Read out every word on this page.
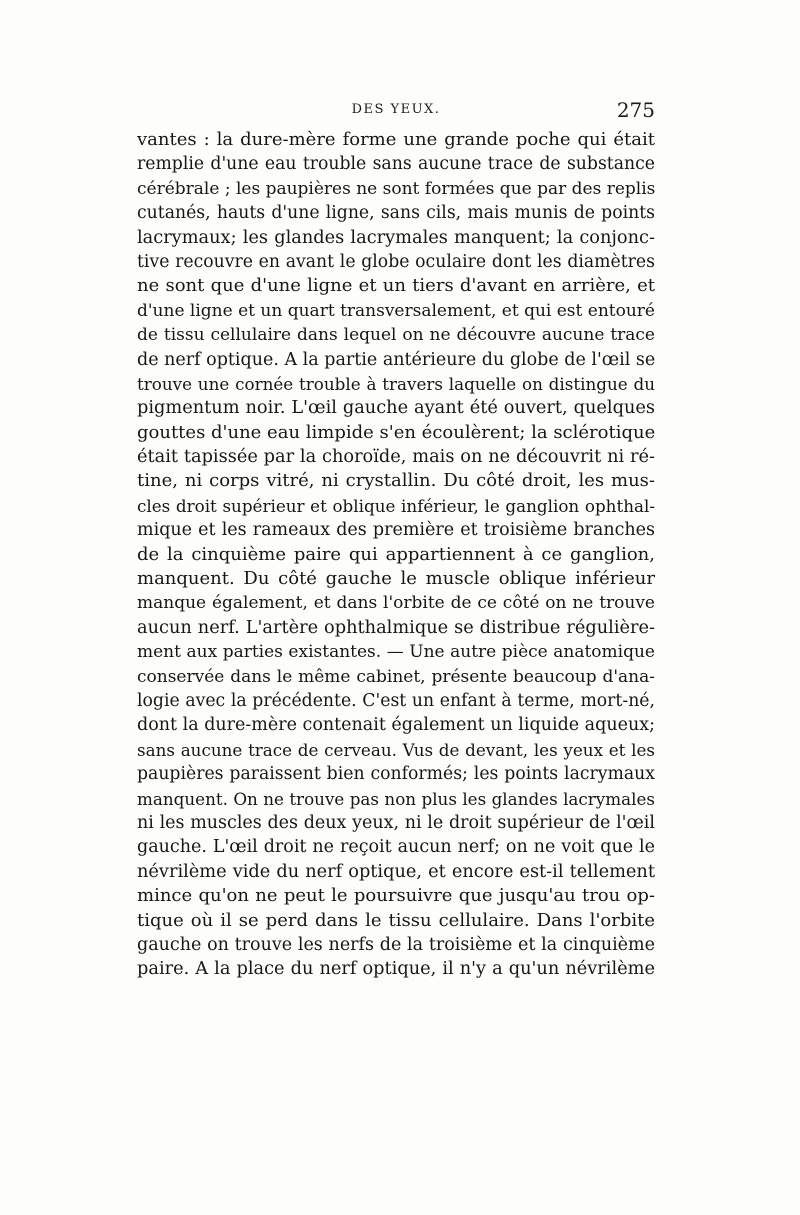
DES YEUX.	275
vantes : la dure-mère forme une grande poche qui était
remplie d'une eau trouble sans aucune trace de substance
cérébrale ; les paupières ne sont formées que par des replis
cutanés, hauts d'une ligne, sans cils, mais munis de points
lacrymaux; les glandes lacrymales manquent; la conjonc-
tive recouvre en avant le globe oculaire dont les diamètres
ne sont que d'une ligne et un tiers d'avant en arrière, et
d'une ligne et un quart transversalement, et qui est entouré
de tissu cellulaire dans lequel on ne découvre aucune trace
de nerf optique. A la partie antérieure du globe de l'œil se
trouve une cornée trouble à travers laquelle on distingue du
pigmentum noir. L'œil gauche ayant été ouvert, quelques
gouttes d'une eau limpide s'en écoulèrent; la sclérotique
était tapissée par la choroïde, mais on ne découvrit ni ré-
tine, ni corps vitré, ni crystallin. Du côté droit, les mus-
cles droit supérieur et oblique inférieur, le ganglion ophthal-
mique et les rameaux des première et troisième branches
de la cinquième paire qui appartiennent à ce ganglion,
manquent. Du côté gauche le muscle oblique inférieur
manque également, et dans l'orbite de ce côté on ne trouve
aucun nerf. L'artère ophthalmique se distribue régulière-
ment aux parties existantes. — Une autre pièce anatomique
conservée dans le même cabinet, présente beaucoup d'ana-
logie avec la précédente. C'est un enfant à terme, mort-né,
dont la dure-mère contenait également un liquide aqueux;
sans aucune trace de cerveau. Vus de devant, les yeux et les
paupières paraissent bien conformés; les points lacrymaux
manquent. On ne trouve pas non plus les glandes lacrymales
ni les muscles des deux yeux, ni le droit supérieur de l'œil
gauche. L'œil droit ne reçoit aucun nerf; on ne voit que le
névrilème vide du nerf optique, et encore est-il tellement
mince qu'on ne peut le poursuivre que jusqu'au trou op-
tique où il se perd dans le tissu cellulaire. Dans l'orbite
gauche on trouve les nerfs de la troisième et la cinquième
paire. A la place du nerf optique, il n'y a qu'un névrilème
